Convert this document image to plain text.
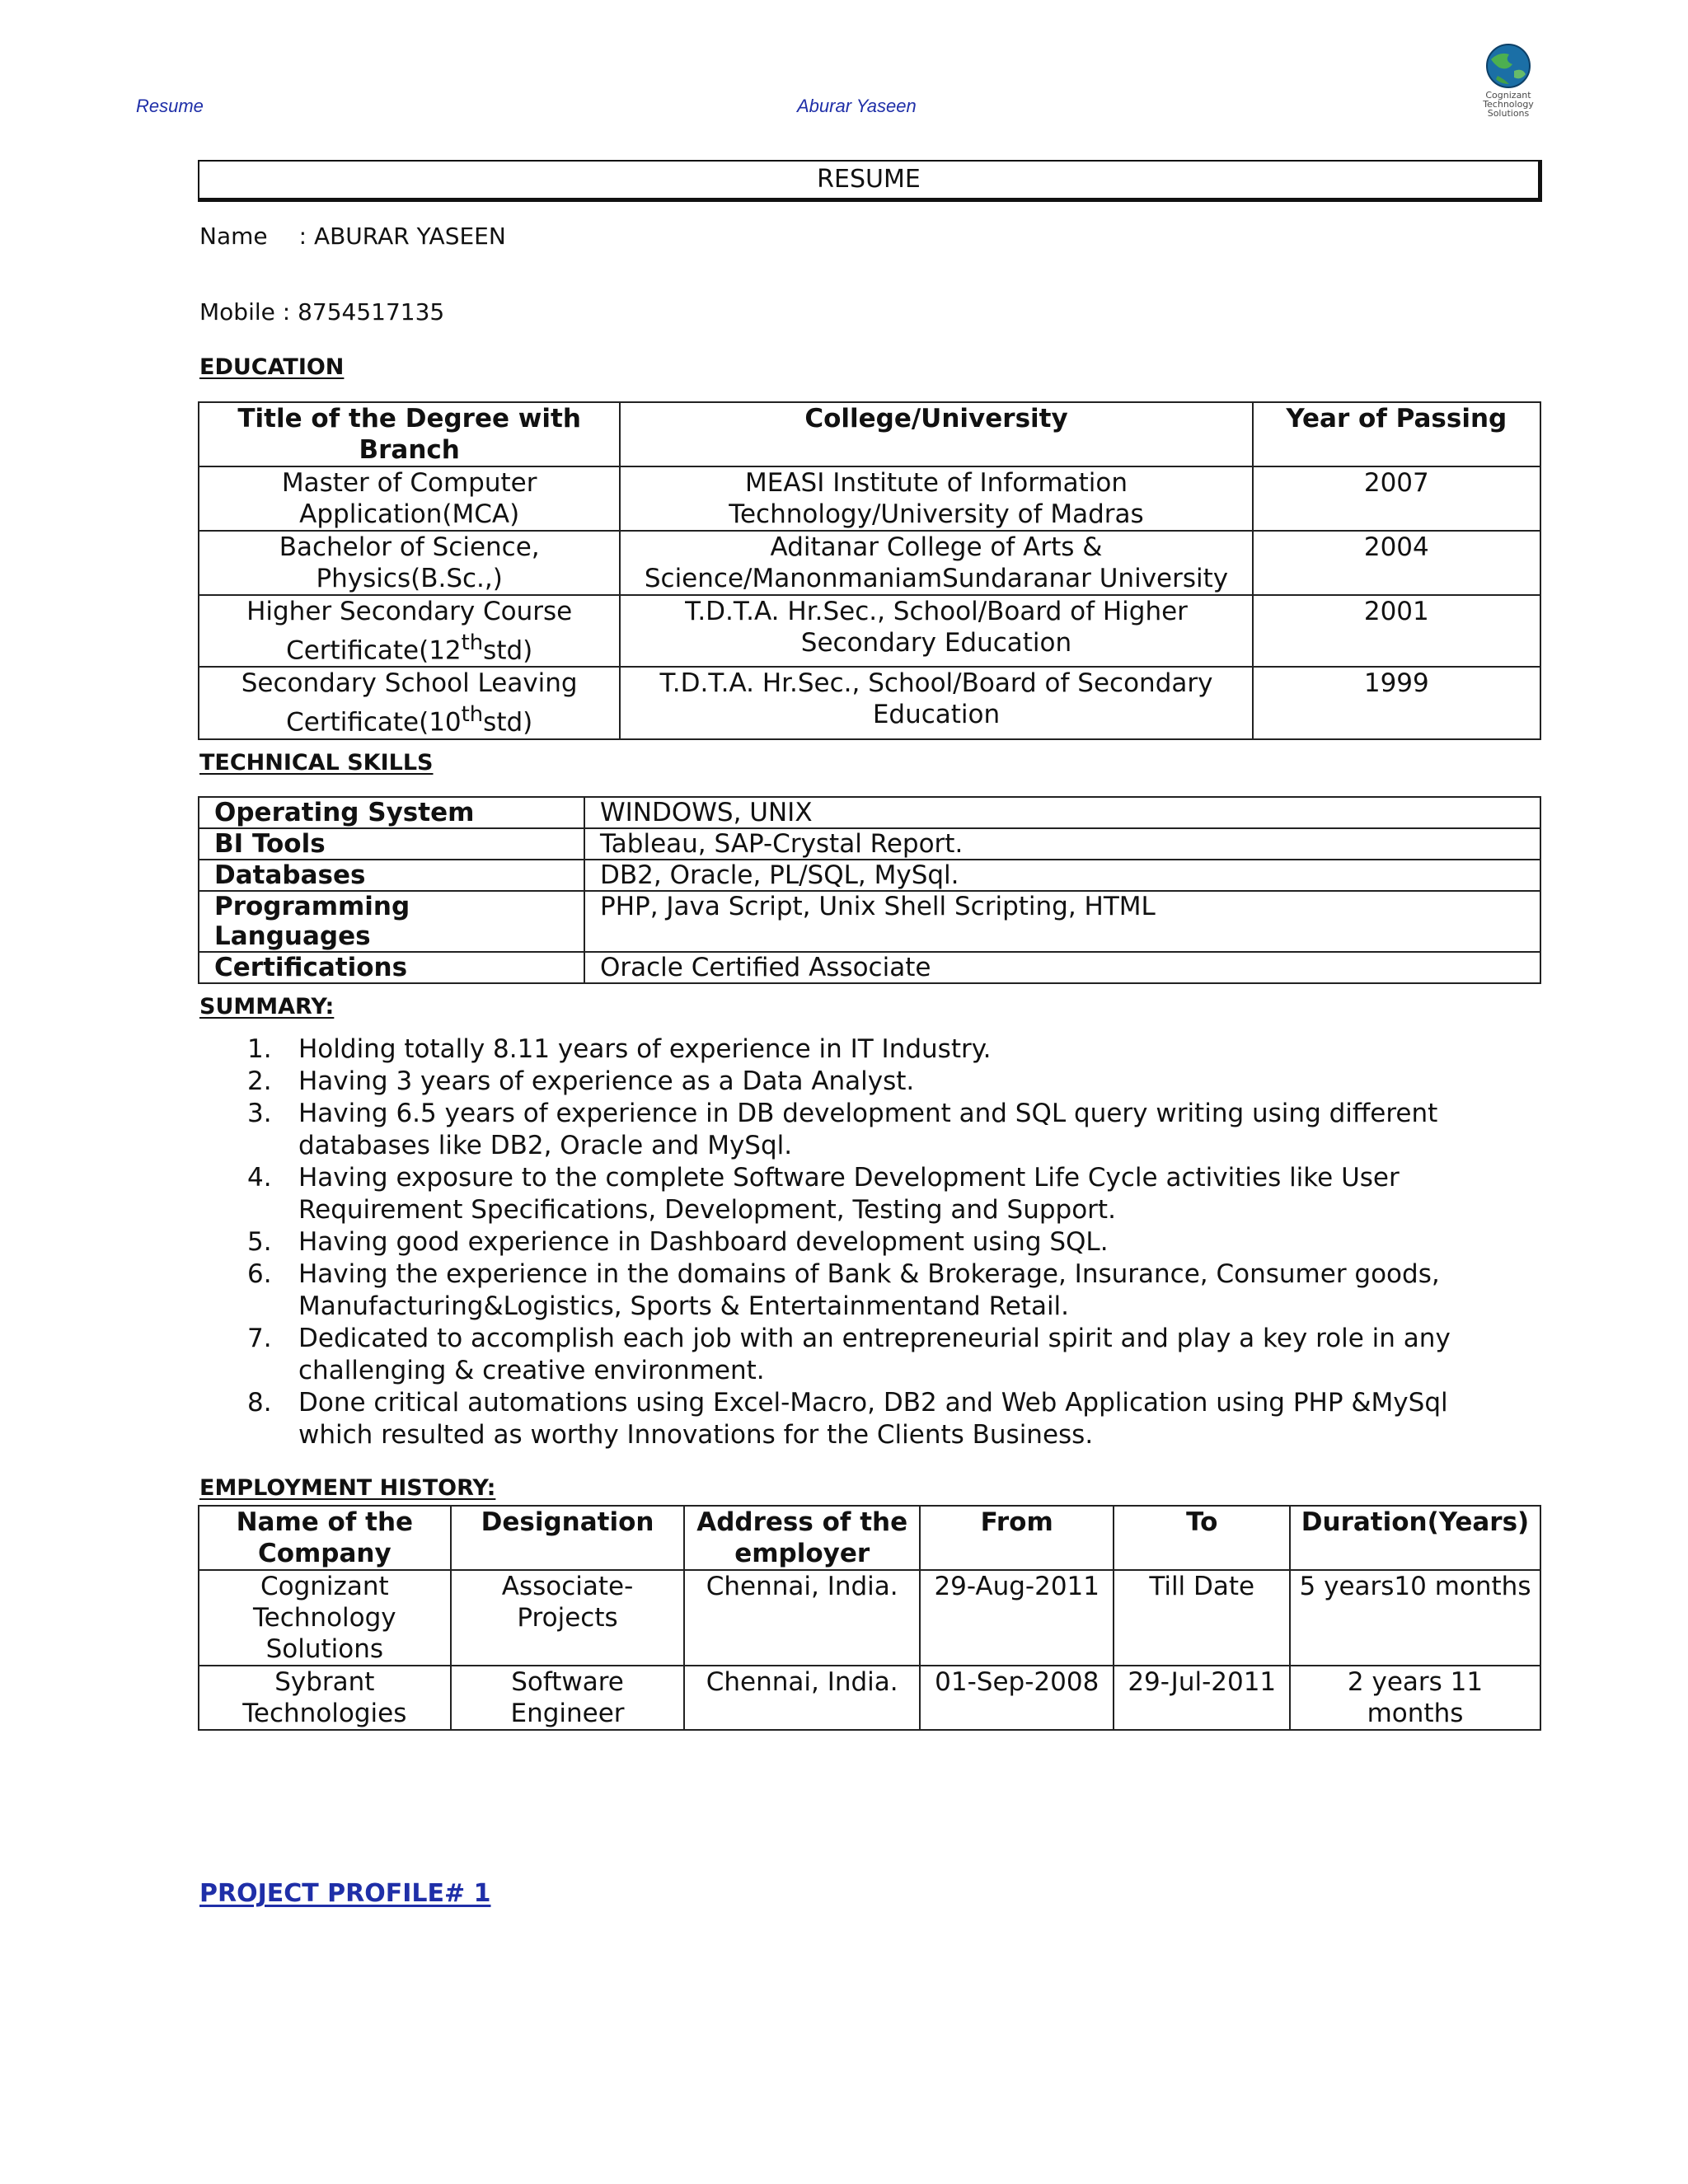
Resume	Aburar Yaseen
Cognizant Technology Solutions
RESUME
Name : ABURAR YASEEN
Mobile : 8754517135
EDUCATION
Title of the Degree with Branch	College/University	Year of Passing
Master of Computer Application(MCA)	MEASI Institute of Information Technology/University of Madras	2007
Bachelor of Science, Physics(B.Sc.,)	Aditanar College of Arts & Science/ManonmaniamSundaranar University	2004
Higher Secondary Course Certificate(12thstd)	T.D.T.A. Hr.Sec., School/Board of Higher Secondary Education	2001
Secondary School Leaving Certificate(10thstd)	T.D.T.A. Hr.Sec., School/Board of Secondary Education	1999
TECHNICAL SKILLS
Operating System	WINDOWS, UNIX
BI Tools	Tableau, SAP-Crystal Report.
Databases	DB2, Oracle, PL/SQL, MySql.
Programming Languages	PHP, Java Script, Unix Shell Scripting, HTML
Certifications	Oracle Certified Associate
SUMMARY:
1. Holding totally 8.11 years of experience in IT Industry.
2. Having 3 years of experience as a Data Analyst.
3. Having 6.5 years of experience in DB development and SQL query writing using different databases like DB2, Oracle and MySql.
4. Having exposure to the complete Software Development Life Cycle activities like User Requirement Specifications, Development, Testing and Support.
5. Having good experience in Dashboard development using SQL.
6. Having the experience in the domains of Bank & Brokerage, Insurance, Consumer goods, Manufacturing&Logistics, Sports & Entertainmentand Retail.
7. Dedicated to accomplish each job with an entrepreneurial spirit and play a key role in any challenging & creative environment.
8. Done critical automations using Excel-Macro, DB2 and Web Application using PHP &MySql which resulted as worthy Innovations for the Clients Business.
EMPLOYMENT HISTORY:
Name of the Company	Designation	Address of the employer	From	To	Duration(Years)
Cognizant Technology Solutions	Associate-Projects	Chennai, India.	29-Aug-2011	Till Date	5 years10 months
Sybrant Technologies	Software Engineer	Chennai, India.	01-Sep-2008	29-Jul-2011	2 years 11 months
PROJECT PROFILE# 1
